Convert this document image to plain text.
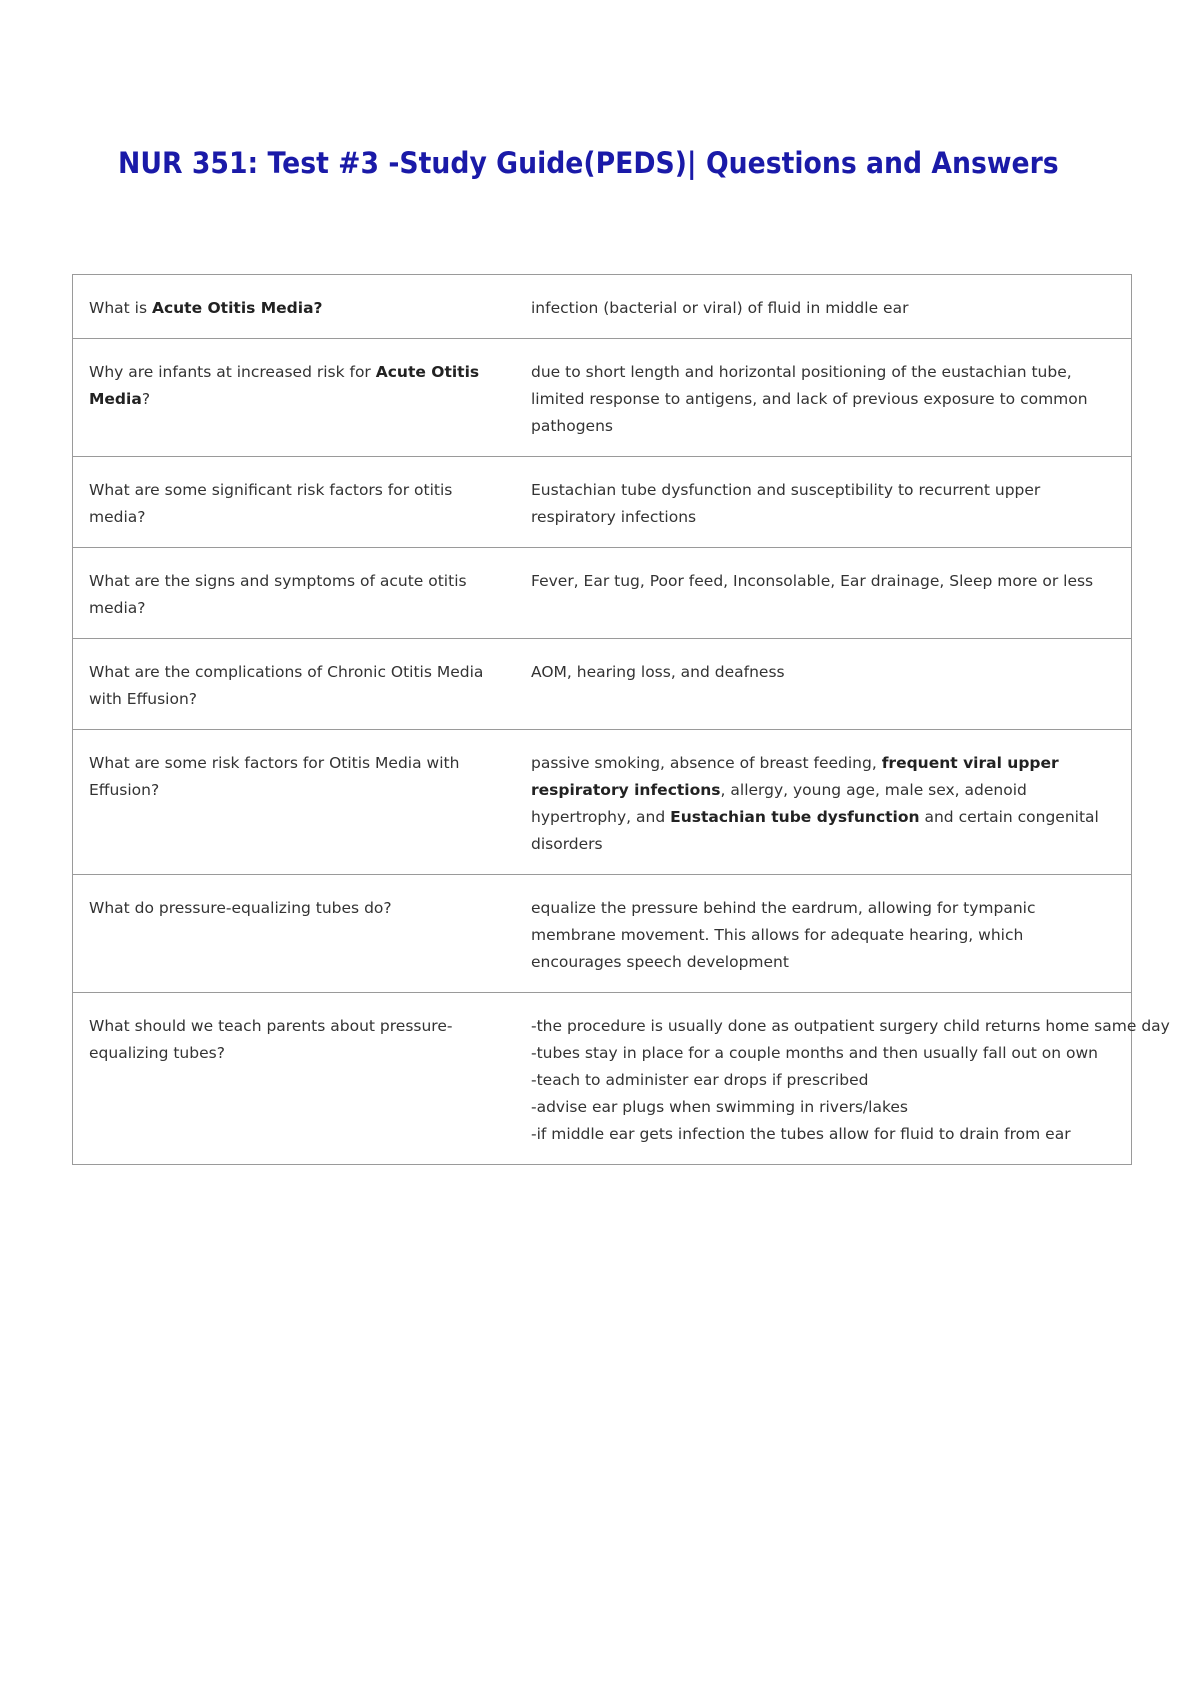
NUR 351: Test #3 -Study Guide(PEDS)| Questions and Answers
What is Acute Otitis Media?	infection (bacterial or viral) of fluid in middle ear

Why are infants at increased risk for Acute Otitis Media?	due to short length and horizontal positioning of the eustachian tube, limited response to antigens, and lack of previous exposure to common pathogens

What are some significant risk factors for otitis media?	Eustachian tube dysfunction and susceptibility to recurrent upper respiratory infections

What are the signs and symptoms of acute otitis media?	Fever, Ear tug, Poor feed, Inconsolable, Ear drainage, Sleep more or less

What are the complications of Chronic Otitis Media with Effusion?	AOM, hearing loss, and deafness

What are some risk factors for Otitis Media with Effusion?	passive smoking, absence of breast feeding, frequent viral upper respiratory infections, allergy, young age, male sex, adenoid hypertrophy, and Eustachian tube dysfunction and certain congenital disorders

What do pressure-equalizing tubes do?	equalize the pressure behind the eardrum, allowing for tympanic membrane movement. This allows for adequate hearing, which encourages speech development

What should we teach parents about pressure-equalizing tubes?	-the procedure is usually done as outpatient surgery child returns home same day
-tubes stay in place for a couple months and then usually fall out on own
-teach to administer ear drops if prescribed
-advise ear plugs when swimming in rivers/lakes
-if middle ear gets infection the tubes allow for fluid to drain from ear
